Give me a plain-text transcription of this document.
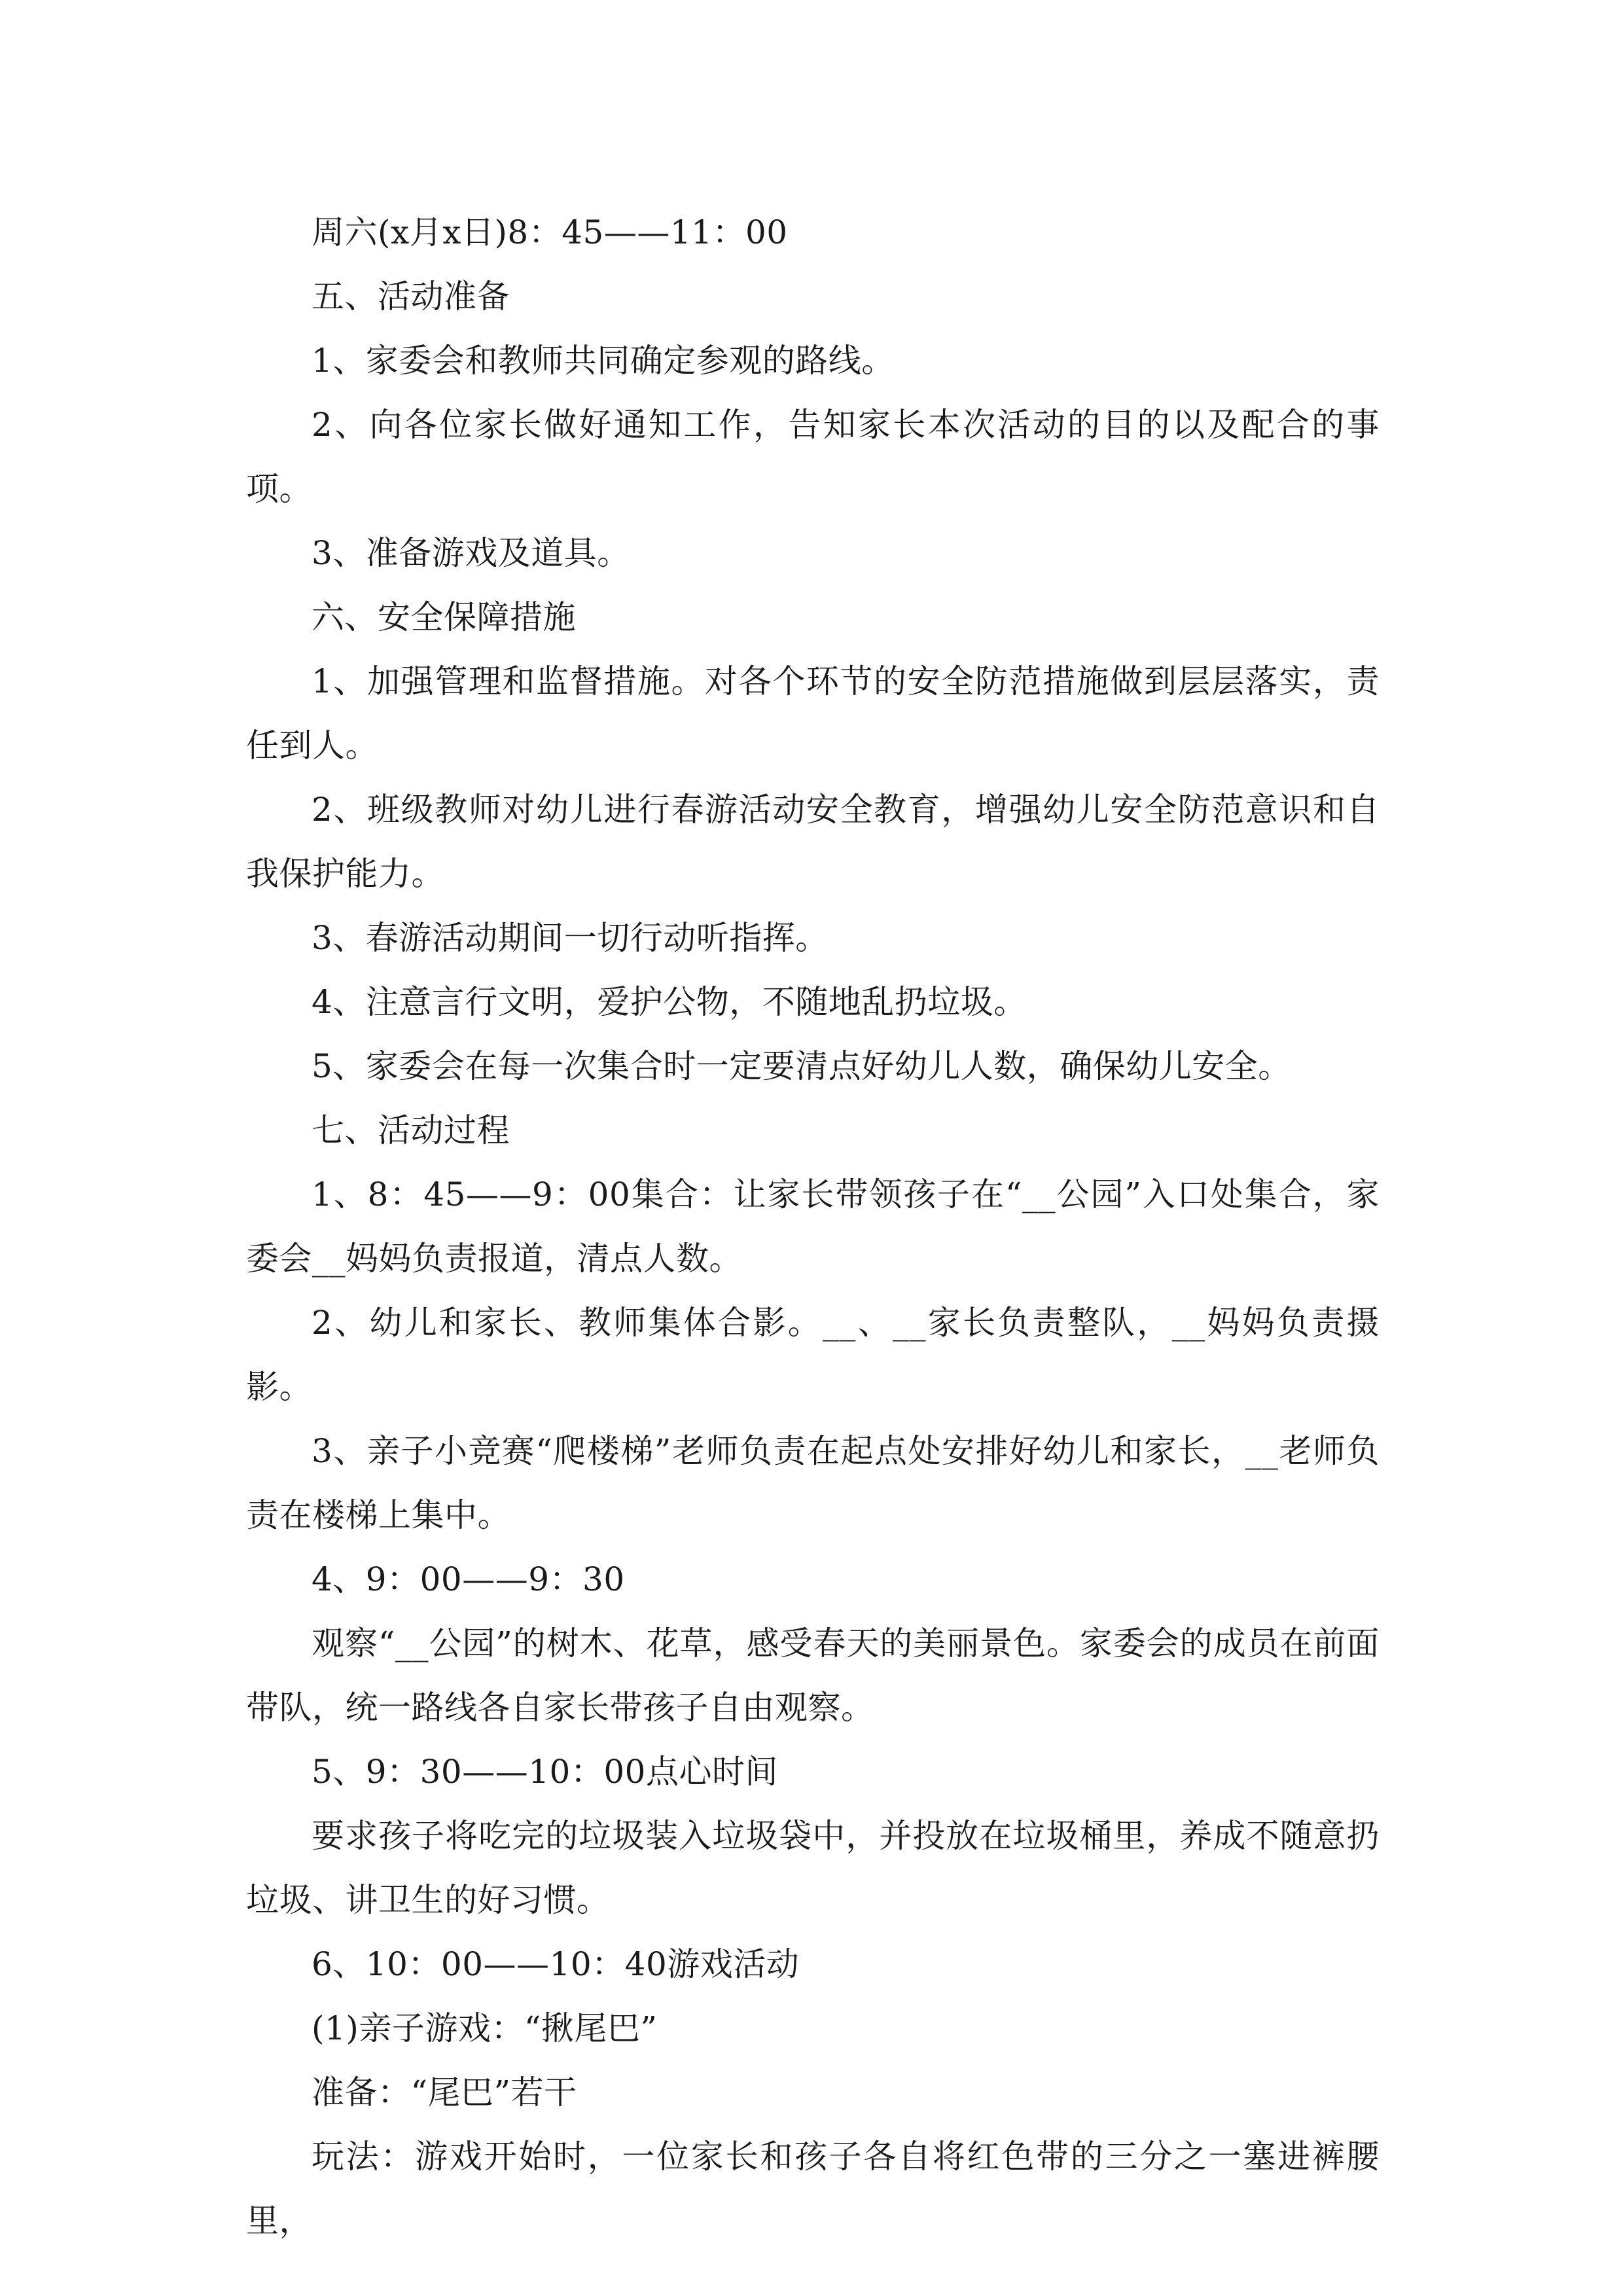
周六(x月x日)8：45——11：00

五、活动准备

1、家委会和教师共同确定参观的路线。

2、向各位家长做好通知工作，告知家长本次活动的目的以及配合的事项。

3、准备游戏及道具。

六、安全保障措施

1、加强管理和监督措施。对各个环节的安全防范措施做到层层落实，责任到人。

2、班级教师对幼儿进行春游活动安全教育，增强幼儿安全防范意识和自我保护能力。

3、春游活动期间一切行动听指挥。

4、注意言行文明，爱护公物，不随地乱扔垃圾。

5、家委会在每一次集合时一定要清点好幼儿人数，确保幼儿安全。

七、活动过程

1、8：45——9：00集合：让家长带领孩子在“__公园”入口处集合，家委会__妈妈负责报道，清点人数。

2、幼儿和家长、教师集体合影。__、__家长负责整队，__妈妈负责摄影。

3、亲子小竞赛“爬楼梯”老师负责在起点处安排好幼儿和家长，__老师负责在楼梯上集中。

4、9：00——9：30

观察“__公园”的树木、花草，感受春天的美丽景色。家委会的成员在前面带队，统一路线各自家长带孩子自由观察。

5、9：30——10：00点心时间

要求孩子将吃完的垃圾装入垃圾袋中，并投放在垃圾桶里，养成不随意扔垃圾、讲卫生的好习惯。

6、10：00——10：40游戏活动

(1)亲子游戏：“揪尾巴”

准备：“尾巴”若干

玩法：游戏开始时，一位家长和孩子各自将红色带的三分之一塞进裤腰里，
